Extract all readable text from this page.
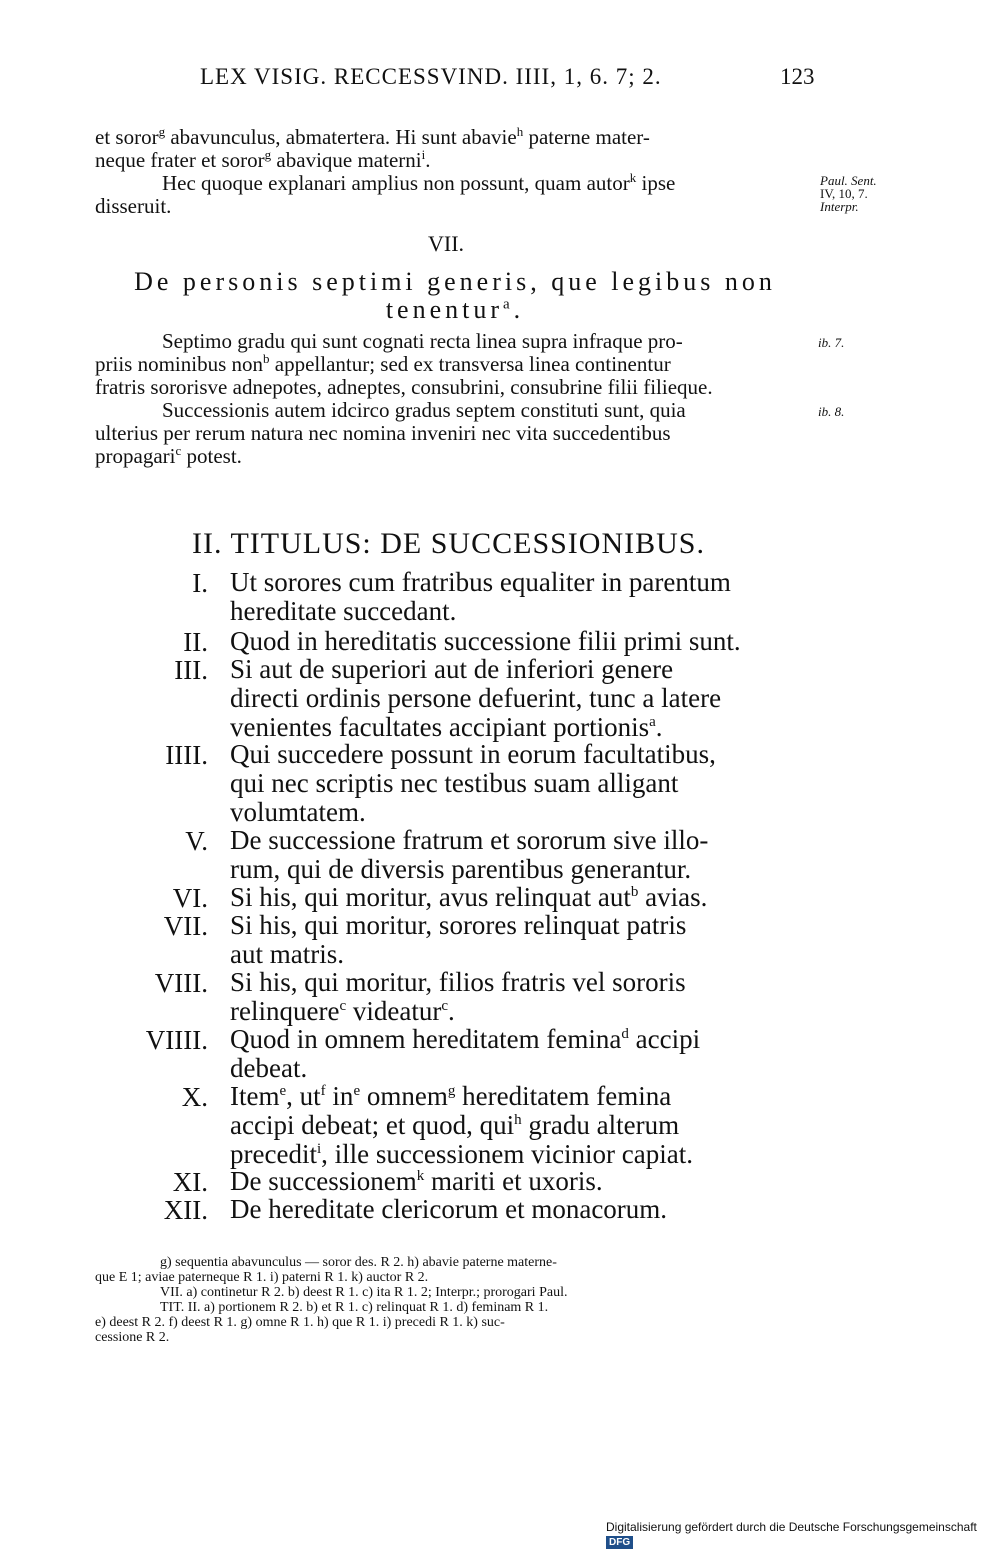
LEX VISIG. RECCESSVIND. IIII, 1, 6. 7; 2.	123
et soror$^g$ abavunculus, abmatertera. Hi sunt abavie$^h$ paterne mater-
neque frater et soror$^g$ abavique materni$^i$.
Hec quoque explanari amplius non possunt, quam autor$^k$ ipse
disseruit.
Paul. Sent.
IV, 10, 7.
Interpr.
VII.
De personis septimi generis, que legibus non
tenentur$^a$.
Septimo gradu qui sunt cognati recta linea supra infraque pro-
priis nominibus non$^b$ appellantur; sed ex transversa linea continentur
fratris sororisve adnepotes, adneptes, consubrini, consubrine filii filieque.
ib. 7.
Successionis autem idcirco gradus septem constituti sunt, quia
ulterius per rerum natura nec nomina inveniri nec vita succedentibus
propagari$^c$ potest.
ib. 8.
II. TITULUS: DE SUCCESSIONIBUS.
I. Ut sorores cum fratribus equaliter in parentum
hereditate succedant.
II. Quod in hereditatis successione filii primi sunt.
III. Si aut de superiori aut de inferiori genere
directi ordinis persone defuerint, tunc a latere
venientes facultates accipiant portionis$^a$.
IIII. Qui succedere possunt in eorum facultatibus,
qui nec scriptis nec testibus suam alligant
volumtatem.
V. De successione fratrum et sororum sive illo-
rum, qui de diversis parentibus generantur.
VI. Si his, qui moritur, avus relinquat aut$^b$ avias.
VII. Si his, qui moritur, sorores relinquat patris
aut matris.
VIII. Si his, qui moritur, filios fratris vel sororis
relinquere$^c$ videatur$^c$.
VIIII. Quod in omnem hereditatem femina$^d$ accipi
debeat.
X. Item$^e$, $ut^f$ $in^e$ omnem$^g$ hereditatem femina
accipi debeat; et quod, qui$^h$ gradu alterum
precedit$^i$, ille successionem vicinior capiat.
XI. De successionem$^k$ mariti et uxoris.
XII. De hereditate clericorum et monacorum.
g) sequentia abavunculus — soror des. R 2. h) abavie paterne materne-
que E 1; aviae paterneque R 1. i) paterni R 1. k) auctor R 2.
VII. a) continetur R 2. b) deest R 1. c) ita R 1. 2; Interpr.; prorogari Paul.
TIT. II. a) portionem R 2. b) et R 1. c) relinquat R 1. d) feminam R 1.
e) deest R 2. f) deest R 1. g) omne R 1. h) que R 1. i) precedi R 1. k) suc-
cessione R 2.
Digitalisierung gefördert durch die Deutsche Forschungsgemeinschaft DFG
